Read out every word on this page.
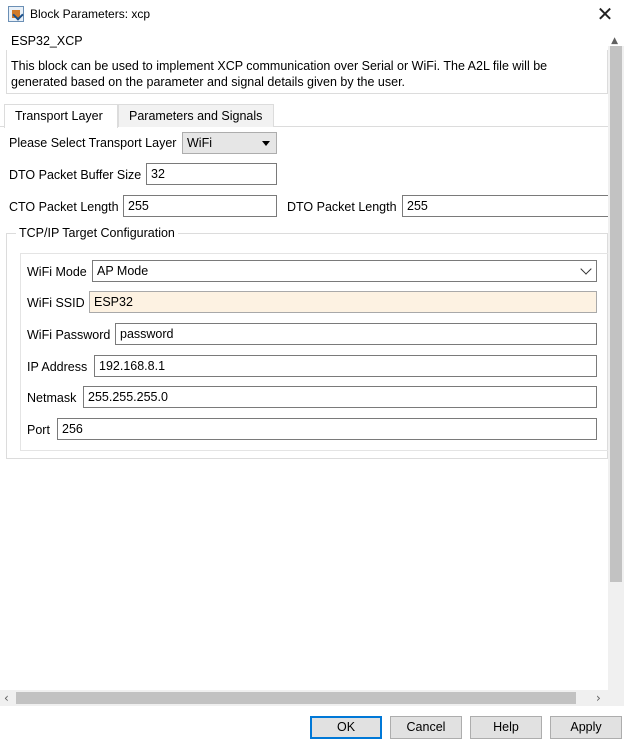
Block Parameters: xcp	✕
▲
ESP32_XCP
This block can be used to implement XCP communication over Serial or WiFi. The A2L file will be generated based on the parameter and signal details given by the user.
Transport Layer	Parameters and Signals
Please Select Transport Layer WiFi
DTO Packet Buffer Size 32
CTO Packet Length 255	DTO Packet Length 255
TCP/IP Target Configuration
WiFi Mode AP Mode
WiFi SSID ESP32
WiFi Password password
IP Address 192.168.8.1
Netmask 255.255.255.0
Port 256
‹	›
OK	Cancel	Help	Apply
